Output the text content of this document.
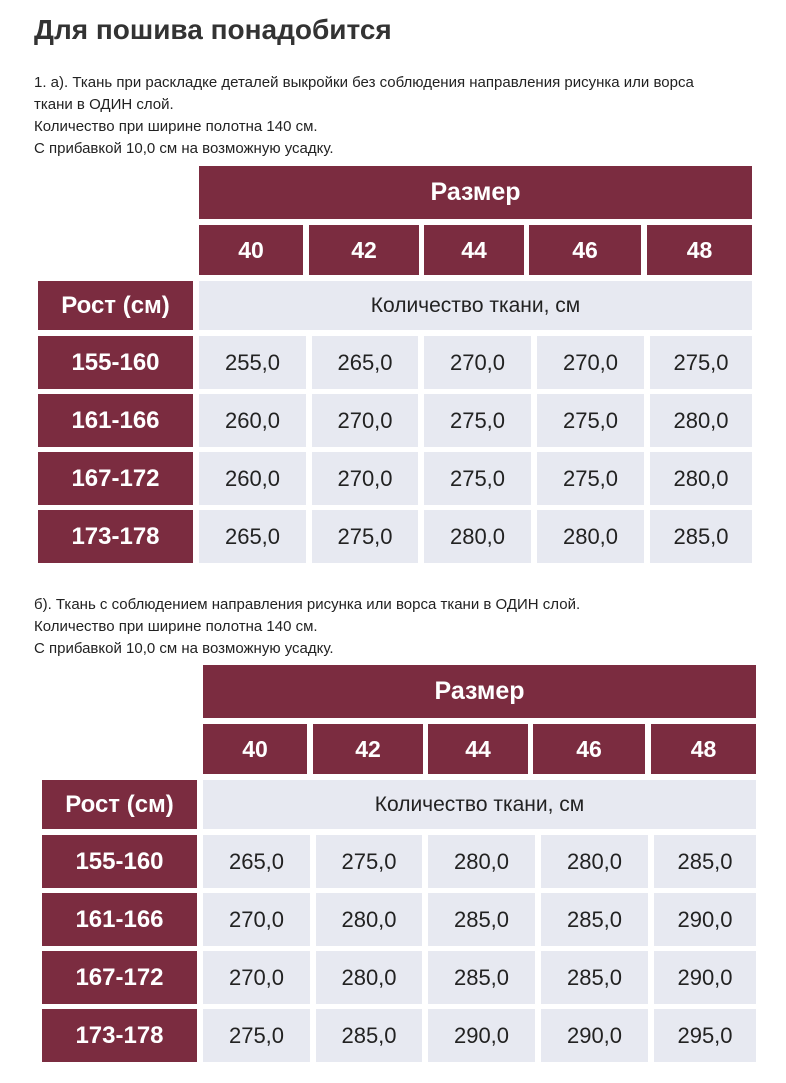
Для пошива понадобится
1. а). Ткань при раскладке деталей выкройки без соблюдения направления рисунка или ворса
ткани в ОДИН слой.
Количество при ширине полотна 140 см.
С прибавкой 10,0 см на возможную усадку.
Размер
40	42	44	46	48
Рост (см)	Количество ткани, см
155-160	255,0	265,0	270,0	270,0	275,0
161-166	260,0	270,0	275,0	275,0	280,0
167-172	260,0	270,0	275,0	275,0	280,0
173-178	265,0	275,0	280,0	280,0	285,0
б). Ткань с соблюдением направления рисунка или ворса ткани в ОДИН слой.
Количество при ширине полотна 140 см.
С прибавкой 10,0 см на возможную усадку.
Размер
40	42	44	46	48
Рост (см)	Количество ткани, см
155-160	265,0	275,0	280,0	280,0	285,0
161-166	270,0	280,0	285,0	285,0	290,0
167-172	270,0	280,0	285,0	285,0	290,0
173-178	275,0	285,0	290,0	290,0	295,0
